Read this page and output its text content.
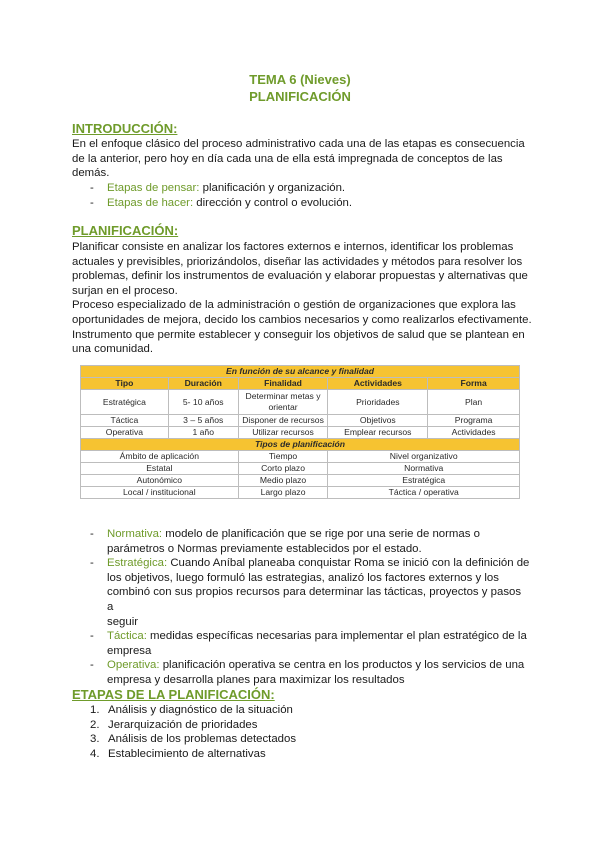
TEMA 6 (Nieves)
PLANIFICACIÓN
INTRODUCCIÓN:
En el enfoque clásico del proceso administrativo cada una de las etapas es consecuencia
de la anterior, pero hoy en día cada una de ella está impregnada de conceptos de las
demás.
- Etapas de pensar: planificación y organización.
- Etapas de hacer: dirección y control o evolución.
PLANIFICACIÓN:
Planificar consiste en analizar los factores externos e internos, identificar los problemas
actuales y previsibles, priorizándolos, diseñar las actividades y métodos para resolver los
problemas, definir los instrumentos de evaluación y elaborar propuestas y alternativas que
surjan en el proceso.
Proceso especializado de la administración o gestión de organizaciones que explora las
oportunidades de mejora, decido los cambios necesarios y como realizarlos efectivamente.
Instrumento que permite establecer y conseguir los objetivos de salud que se plantean en
una comunidad.
En función de su alcance y finalidad				
Tipo	Duración	Finalidad	Actividades	Forma
Estratégica	5- 10 años	Determinar metas y orientar	Prioridades	Plan
Táctica	3 – 5 años	Disponer de recursos	Objetivos	Programa
Operativa	1 año	Utilizar recursos	Emplear recursos	Actividades
Tipos de planificación				
Ámbito de aplicación		Tiempo	Nivel organizativo	
Estatal		Corto plazo	Normativa	
Autonómico		Medio plazo	Estratégica	
Local / institucional		Largo plazo	Táctica / operativa	
- Normativa: modelo de planificación que se rige por una serie de normas o
parámetros o Normas previamente establecidos por el estado.
- Estratégica: Cuando Aníbal planeaba conquistar Roma se inició con la definición de
los objetivos, luego formuló las estrategias, analizó los factores externos y los
combinó con sus propios recursos para determinar las tácticas, proyectos y pasos a
seguir
- Táctica: medidas específicas necesarias para implementar el plan estratégico de la
empresa
- Operativa: planificación operativa se centra en los productos y los servicios de una
empresa y desarrolla planes para maximizar los resultados
ETAPAS DE LA PLANIFICACIÓN:
1. Análisis y diagnóstico de la situación
2. Jerarquización de prioridades
3. Análisis de los problemas detectados
4. Establecimiento de alternativas
